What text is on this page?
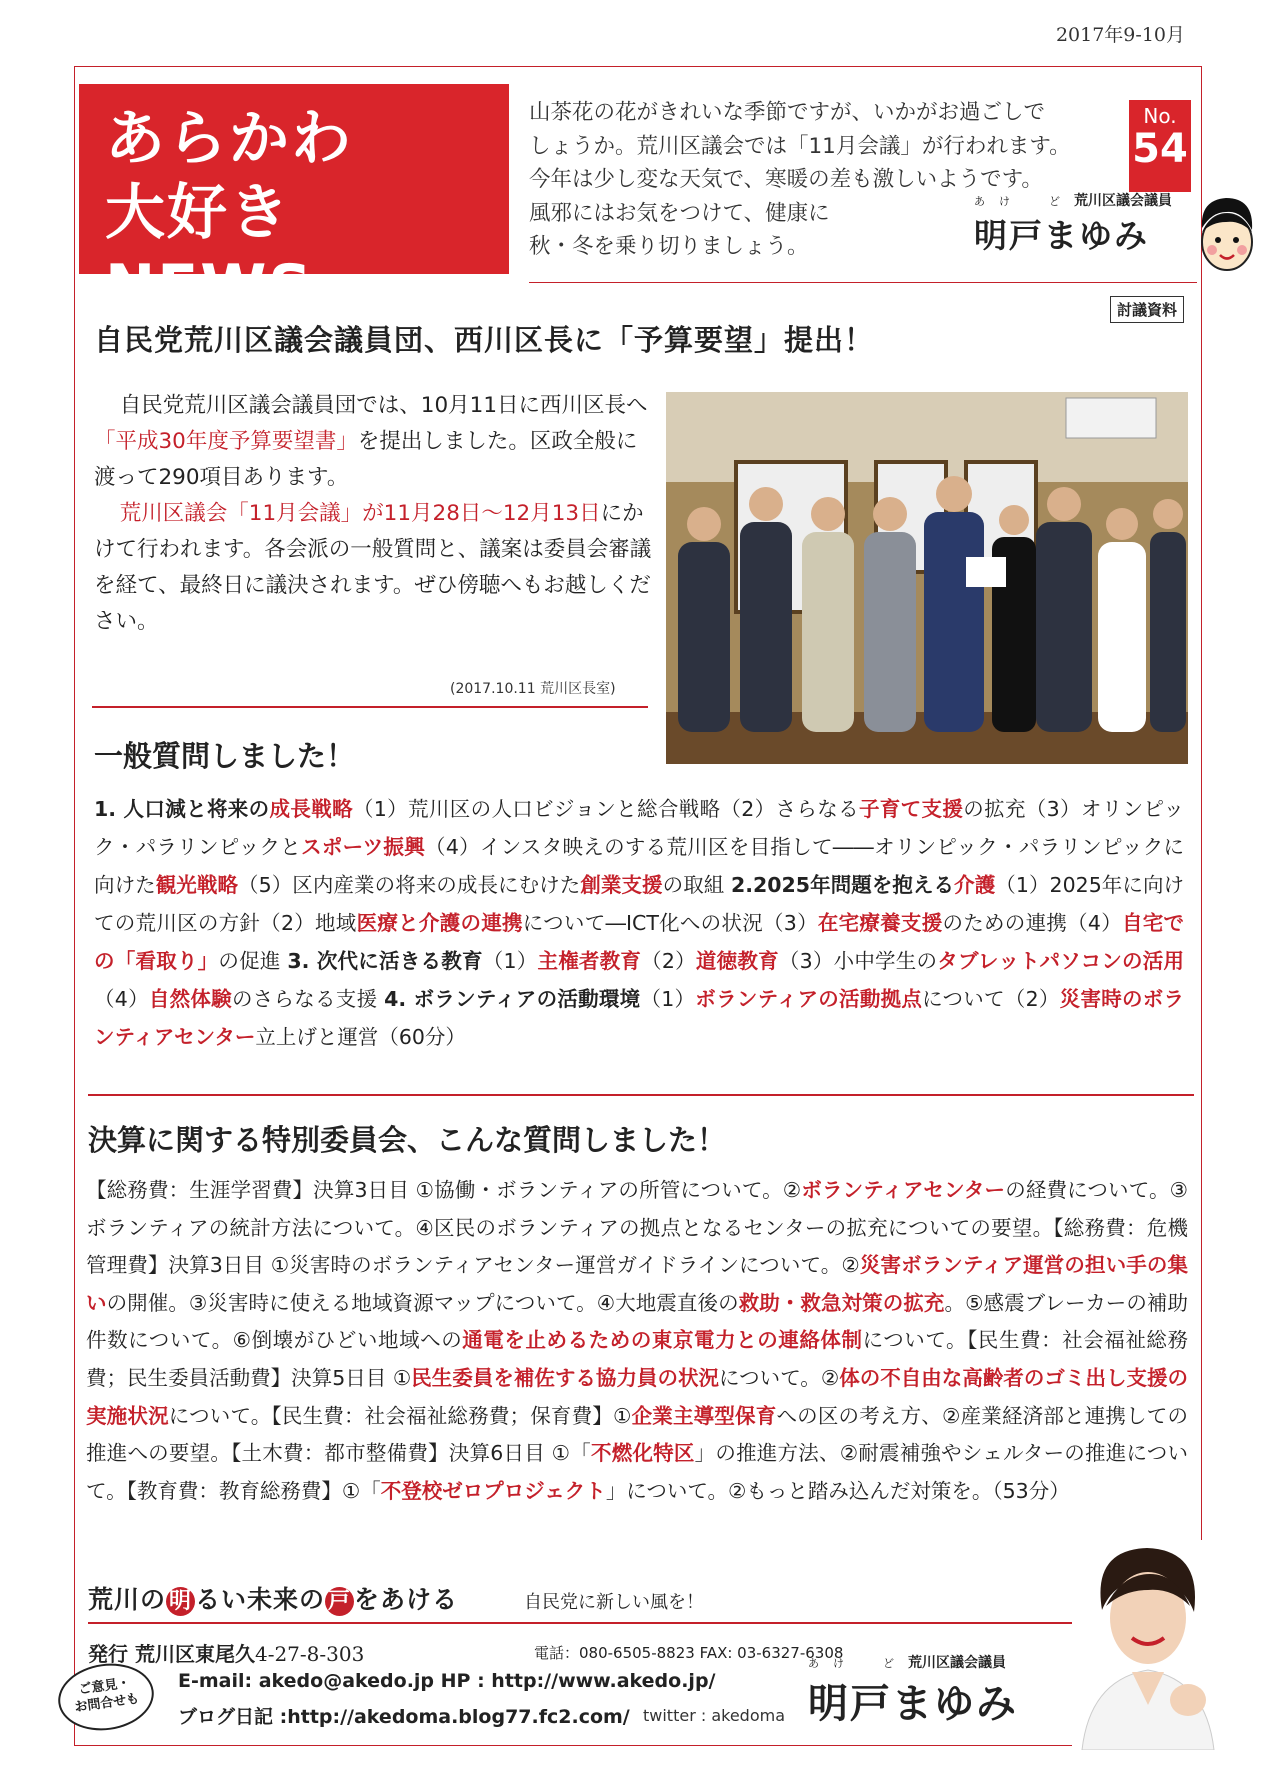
2017年9-10月
あらかわ
大好き NEWS
山茶花の花がきれいな季節ですが、いかがお過ごしで
しょうか。荒川区議会では「11月会議」が行われます。
今年は少し変な天気で、寒暖の差も激しいようです。
風邪にはお気をつけて、健康に
秋・冬を乗り切りましょう。
No.
54
あけ　ど荒川区議会議員
明戸まゆみ
討議資料
自民党荒川区議会議員団、西川区長に「予算要望」提出！

自民党荒川区議会議員団では、10月11日に西川区長へ「平成30年度予算要望書」を提出しました。区政全般に渡って290項目あります。

荒川区議会「11月会議」が11月28日～12月13日にかけて行われます。各会派の一般質問と、議案は委員会審議を経て、最終日に議決されます。ぜひ傍聴へもお越しください。

(2017.10.11 荒川区長室)
一般質問しました！
1. 人口減と将来の成長戦略（1）荒川区の人口ビジョンと総合戦略（2）さらなる子育て支援の拡充（3）オリンピック・パラリンピックとスポーツ振興（4）インスタ映えのする荒川区を目指して――オリンピック・パラリンピックに向けた観光戦略（5）区内産業の将来の成長にむけた創業支援の取組 2.2025年問題を抱える介護（1）2025年に向けての荒川区の方針（2）地域医療と介護の連携について―ICT化への状況（3）在宅療養支援のための連携（4）自宅での「看取り」の促進 3. 次代に活きる教育（1）主権者教育（2）道徳教育（3）小中学生のタブレットパソコンの活用（4）自然体験のさらなる支援 4. ボランティアの活動環境（1）ボランティアの活動拠点について（2）災害時のボランティアセンター立上げと運営（60分）
決算に関する特別委員会、こんな質問しました！
【総務費：生涯学習費】決算3日目 ①協働・ボランティアの所管について。②ボランティアセンターの経費について。③ボランティアの統計方法について。④区民のボランティアの拠点となるセンターの拡充についての要望。【総務費：危機管理費】決算3日目 ①災害時のボランティアセンター運営ガイドラインについて。②災害ボランティア運営の担い手の集いの開催。③災害時に使える地域資源マップについて。④大地震直後の救助・救急対策の拡充。⑤感震ブレーカーの補助件数について。⑥倒壊がひどい地域への通電を止めるための東京電力との連絡体制について。【民生費：社会福祉総務費；民生委員活動費】決算5日目 ①民生委員を補佐する協力員の状況について。②体の不自由な高齢者のゴミ出し支援の実施状況について。【民生費：社会福祉総務費；保育費】①企業主導型保育への区の考え方、②産業経済部と連携しての推進への要望。【土木費：都市整備費】決算6日目 ①「不燃化特区」の推進方法、②耐震補強やシェルターの推進について。【教育費：教育総務費】①「不登校ゼロプロジェクト」について。②もっと踏み込んだ対策を。（53分）
荒川の 明 るい未来の 戸 をあける	自民党に新しい風を！
発行 荒川区東尾久4-27-8-303	電話：080-6505-8823 FAX: 03-6327-6308
ご意見・
お問合せも
E-mail: akedo@akedo.jp HP : http://www.akedo.jp/
ブログ日記 :http://akedoma.blog77.fc2.com/ twitter : akedoma
あけ　ど荒川区議会議員
明戸まゆみ
